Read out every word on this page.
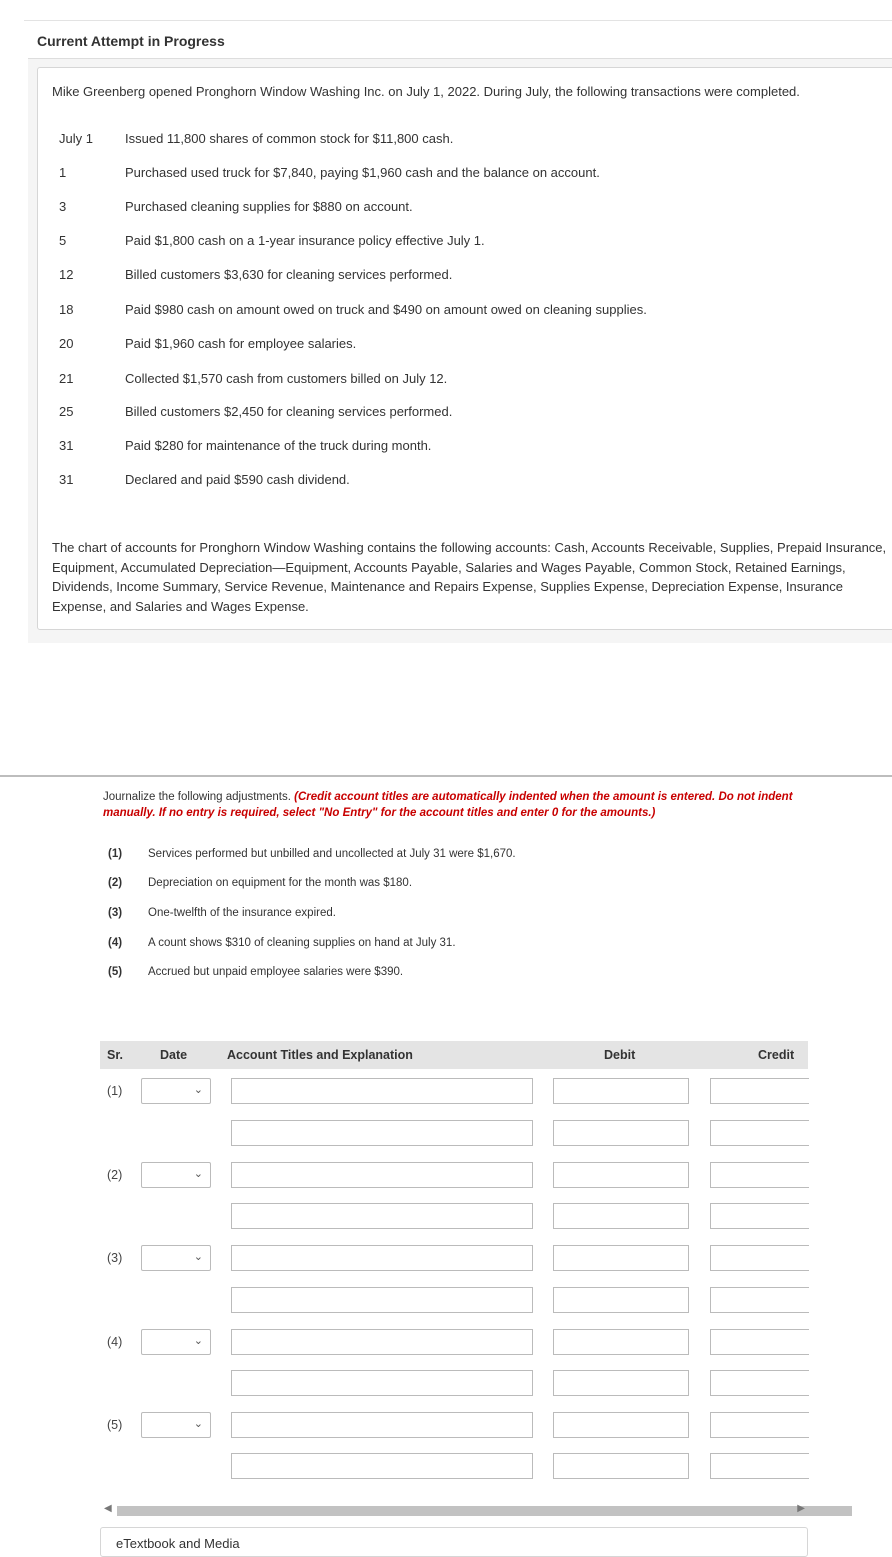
Current Attempt in Progress
Mike Greenberg opened Pronghorn Window Washing Inc. on July 1, 2022. During July, the following transactions were completed.
July 1 Issued 11,800 shares of common stock for $11,800 cash.
1	Purchased used truck for $7,840, paying $1,960 cash and the balance on account.
3	Purchased cleaning supplies for $880 on account.
5	Paid $1,800 cash on a 1-year insurance policy effective July 1.
12	Billed customers $3,630 for cleaning services performed.
18	Paid $980 cash on amount owed on truck and $490 on amount owed on cleaning supplies.
20	Paid $1,960 cash for employee salaries.
21	Collected $1,570 cash from customers billed on July 12.
25	Billed customers $2,450 for cleaning services performed.
31	Paid $280 for maintenance of the truck during month.
31	Declared and paid $590 cash dividend.
The chart of accounts for Pronghorn Window Washing contains the following accounts: Cash, Accounts Receivable, Supplies, Prepaid Insurance, Equipment, Accumulated Depreciation—Equipment, Accounts Payable, Salaries and Wages Payable, Common Stock, Retained Earnings, Dividends, Income Summary, Service Revenue, Maintenance and Repairs Expense, Supplies Expense, Depreciation Expense, Insurance Expense, and Salaries and Wages Expense.
Journalize the following adjustments. (Credit account titles are automatically indented when the amount is entered. Do not indent manually. If no entry is required, select "No Entry" for the account titles and enter 0 for the amounts.)
(1) Services performed but unbilled and uncollected at July 31 were $1,670.
(2) Depreciation on equipment for the month was $180.
(3) One-twelfth of the insurance expired.
(4) A count shows $310 of cleaning supplies on hand at July 31.
(5) Accrued but unpaid employee salaries were $390.
Sr.	Date	Account Titles and Explanation	Debit	Credit
(1)	⌄
(2)	⌄
(3)	⌄
(4)	⌄
(5)	⌄
◀	▶
eTextbook and Media
